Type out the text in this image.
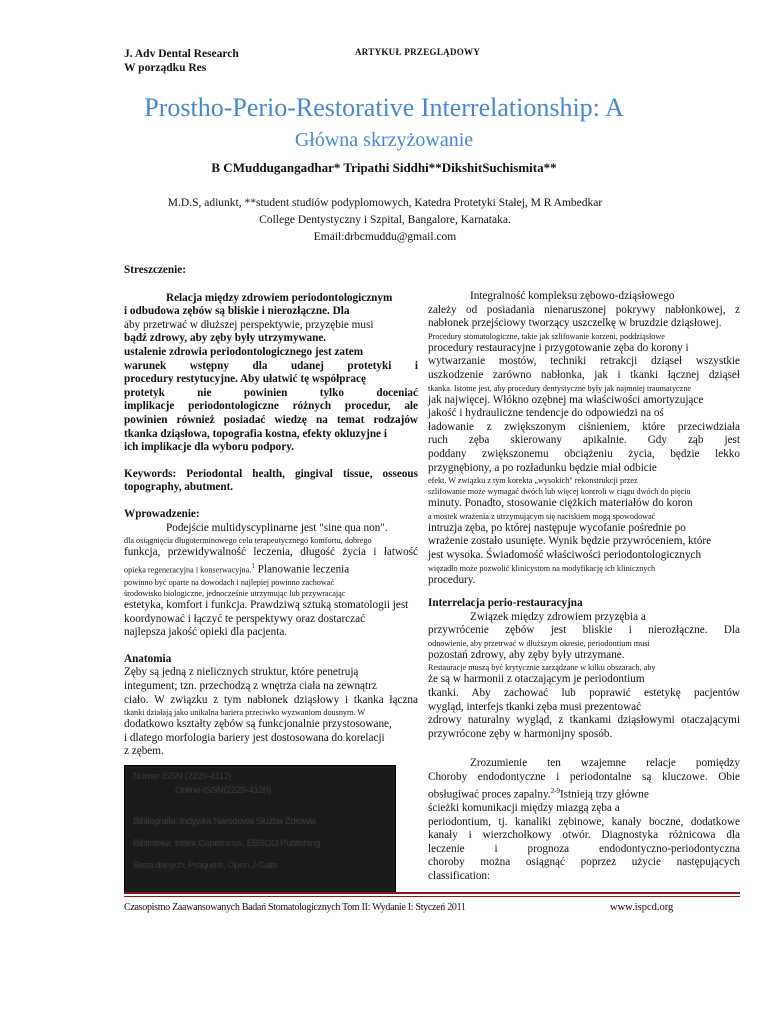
J. Adv Dental Research
W porządku Res
ARTYKUŁ PRZEGLĄDOWY
Prostho-Perio-Restorative Interrelationship: A
Główna skrzyżowanie
B CMuddugangadhar* Tripathi Siddhi**DikshitSuchismita**
M.D.S, adiunkt, **student studiów podyplomowych, Katedra Protetyki Stałej, M R Ambedkar
College Dentystyczny i Szpital, Bangalore, Karnataka.
Email:drbcmuddu@gmail.com

Streszczenie:

Relacja między zdrowiem periodontologicznym

i odbudowa zębów są bliskie i nierozłączne. Dla

aby przetrwać w dłuższej perspektywie, przyzębie musi

bądź zdrowy, aby zęby były utrzymywane.

ustalenie zdrowia periodontologicznego jest zatem

warunek wstępny dla udanej protetyki i

procedury restytucyjne. Aby ułatwić tę współpracę

protetyk nie powinien tylko doceniać

implikacje periodontologiczne różnych procedur, ale

powinien również posiadać wiedzę na temat rodzajów

tkanka dziąsłowa, topografia kostna, efekty okluzyjne i

ich implikacje dla wyboru podpory.

Keywords: Periodontal health, gingival tissue, osseous

topography, abutment.

Wprowadzenie:

Podejście multidyscyplinarne jest "sine qua non".

dla osiągnięcia długoterminowego celu terapeutycznego komfortu, dobrego

funkcja, przewidywalność leczenia, długość życia i łatwość

opieka regeneracyjna i konserwacyjna.$^1$ Planowanie leczenia

powinno być oparte na dowodach i najlepiej powinno zachować

środowisko biologiczne, jednocześnie utrzymując lub przywracając

estetyka, komfort i funkcja. Prawdziwą sztuką stomatologii jest

koordynować i łączyć te perspektywy oraz dostarczać

najlepsza jakość opieki dla pacjenta.

Anatomia

Zęby są jedną z nielicznych struktur, które penetrują

integument; tzn. przechodzą z wnętrza ciała na zewnątrz

ciało. W związku z tym nabłonek dziąsłowy i tkanka łączna

tkanki działają jako unikalna bariera przeciwko wyzwaniom dousnym. W

dodatkowo kształty zębów są funkcjonalnie przystosowane,

i dlatego morfologia bariery jest dostosowana do korelacji

z zębem.

Numer ISSN (2229-4112)
Online-ISSN(2229-4120)
Bibliografia: Indyjska Narodowa Służba Zdrowia
Biblioteka: Index Copernicus, EBSCO Publishing
Baza danych, Proquest, Open J-Gate

Integralność kompleksu zębowo-dziąsłowego

zależy od posiadania nienaruszonej pokrywy nabłonkowej, z

nabłonek przejściowy tworzący uszczelkę w bruzdzie dziąsłowej.

Procedury stomatologiczne, takie jak szlifowanie korzeni, poddziąsłowe

procedury restauracyjne i przygotowanie zęba do korony i

wytwarzanie mostów, techniki retrakcji dziąseł wszystkie

uszkodzenie zarówno nabłonka, jak i tkanki łącznej dziąseł

tkanka. Istotne jest, aby procedury dentystyczne były jak najmniej traumatyczne

jak najwięcej. Włókno ozębnej ma właściwości amortyzujące

jakość i hydrauliczne tendencje do odpowiedzi na oś

ładowanie z zwiększonym ciśnieniem, które przeciwdziała

ruch zęba skierowany apikalnie. Gdy ząb jest

poddany zwiększonemu obciążeniu życia, będzie lekko

przygnębiony, a po rozładunku będzie miał odbicie

efekt. W związku z tym korekta „wysokich" rekonstrukcji przez

szlifowanie może wymagać dwóch lub więcej kontroli w ciągu dwóch do pięciu

minuty. Ponadto, stosowanie ciężkich materiałów do koron

a mostek wrażenia z utrzymującym się naciskiem mogą spowodować

intruzja zęba, po której następuje wycofanie pośrednie po

wrażenie zostało usunięte. Wynik będzie przywróceniem, które

jest wysoka. Świadomość właściwości periodontologicznych

więzadło może pozwolić klinicystom na modyfikację ich klinicznych

procedury.

Interrelacja perio-restauracyjna

Związek między zdrowiem przyzębia a

przywrócenie zębów jest bliskie i nierozłączne. Dla

odnowienie, aby przetrwać w dłuższym okresie, periodontium musi

pozostań zdrowy, aby zęby były utrzymane.

Restauracje muszą być krytycznie zarządzane w kilku obszarach, aby

że są w harmonii z otaczającym je periodontium

tkanki. Aby zachować lub poprawić estetykę pacjentów

wygląd, interfejs tkanki zęba musi prezentować

zdrowy naturalny wygląd, z tkankami dziąsłowymi otaczającymi

przywrócone zęby w harmonijny sposób.

Zrozumienie ten wzajemne relacje pomiędzy

Choroby endodontyczne i periodontalne są kluczowe. Obie

obsługiwać proces zapalny.$^{2-9}$Istnieją trzy główne

ścieżki komunikacji między miazgą zęba a

periodontium, tj. kanaliki zębinowe, kanały boczne, dodatkowe

kanały i wierzchołkowy otwór. Diagnostyka różnicowa dla

leczenie i prognoza endodontyczno-periodontyczna

choroby można osiągnąć poprzez użycie następujących

classification:

Czasopismo Zaawansowanych Badań Stomatologicznych Tom II: Wydanie I: Styczeń 2011	www.ispcd.org
